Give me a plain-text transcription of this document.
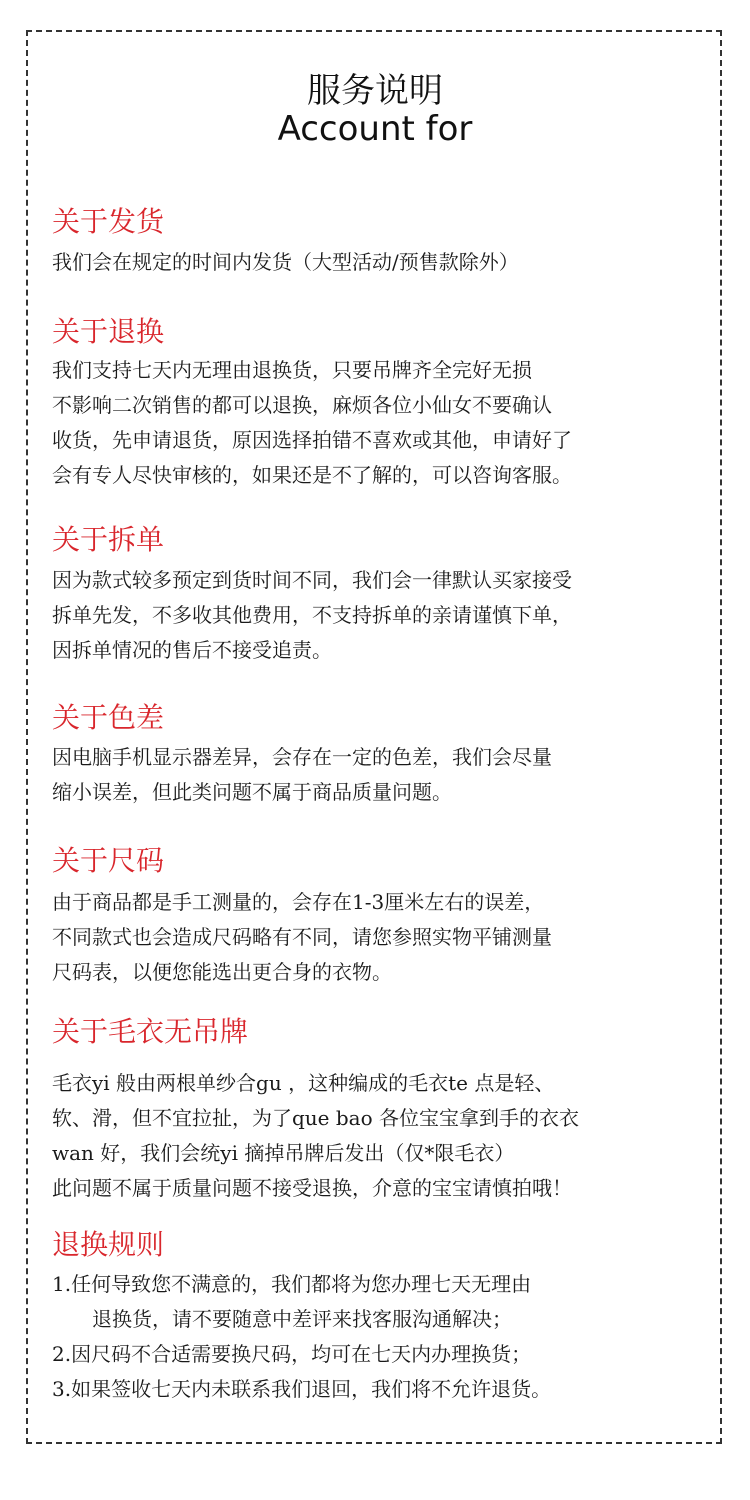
服务说明
Account for
关于发货
我们会在规定的时间内发货（大型活动/预售款除外）
关于退换
我们支持七天内无理由退换货，只要吊牌齐全完好无损
不影响二次销售的都可以退换，麻烦各位小仙女不要确认
收货，先申请退货，原因选择拍错不喜欢或其他，申请好了
会有专人尽快审核的，如果还是不了解的，可以咨询客服。
关于拆单
因为款式较多预定到货时间不同，我们会一律默认买家接受
拆单先发，不多收其他费用，不支持拆单的亲请谨慎下单，
因拆单情况的售后不接受追责。
关于色差
因电脑手机显示器差异，会存在一定的色差，我们会尽量
缩小误差，但此类问题不属于商品质量问题。
关于尺码
由于商品都是手工测量的，会存在1-3厘米左右的误差，
不同款式也会造成尺码略有不同，请您参照实物平铺测量
尺码表，以便您能选出更合身的衣物。
关于毛衣无吊牌
毛衣yi 般由两根单纱合gu ，这种编成的毛衣te 点是轻、
软、滑，但不宜拉扯，为了que bao 各位宝宝拿到手的衣衣
wan 好，我们会统yi 摘掉吊牌后发出（仅*限毛衣）
此问题不属于质量问题不接受退换，介意的宝宝请慎拍哦！
退换规则
1.任何导致您不满意的，我们都将为您办理七天无理由
退换货，请不要随意中差评来找客服沟通解决；
2.因尺码不合适需要换尺码，均可在七天内办理换货；
3.如果签收七天内未联系我们退回，我们将不允许退货。
